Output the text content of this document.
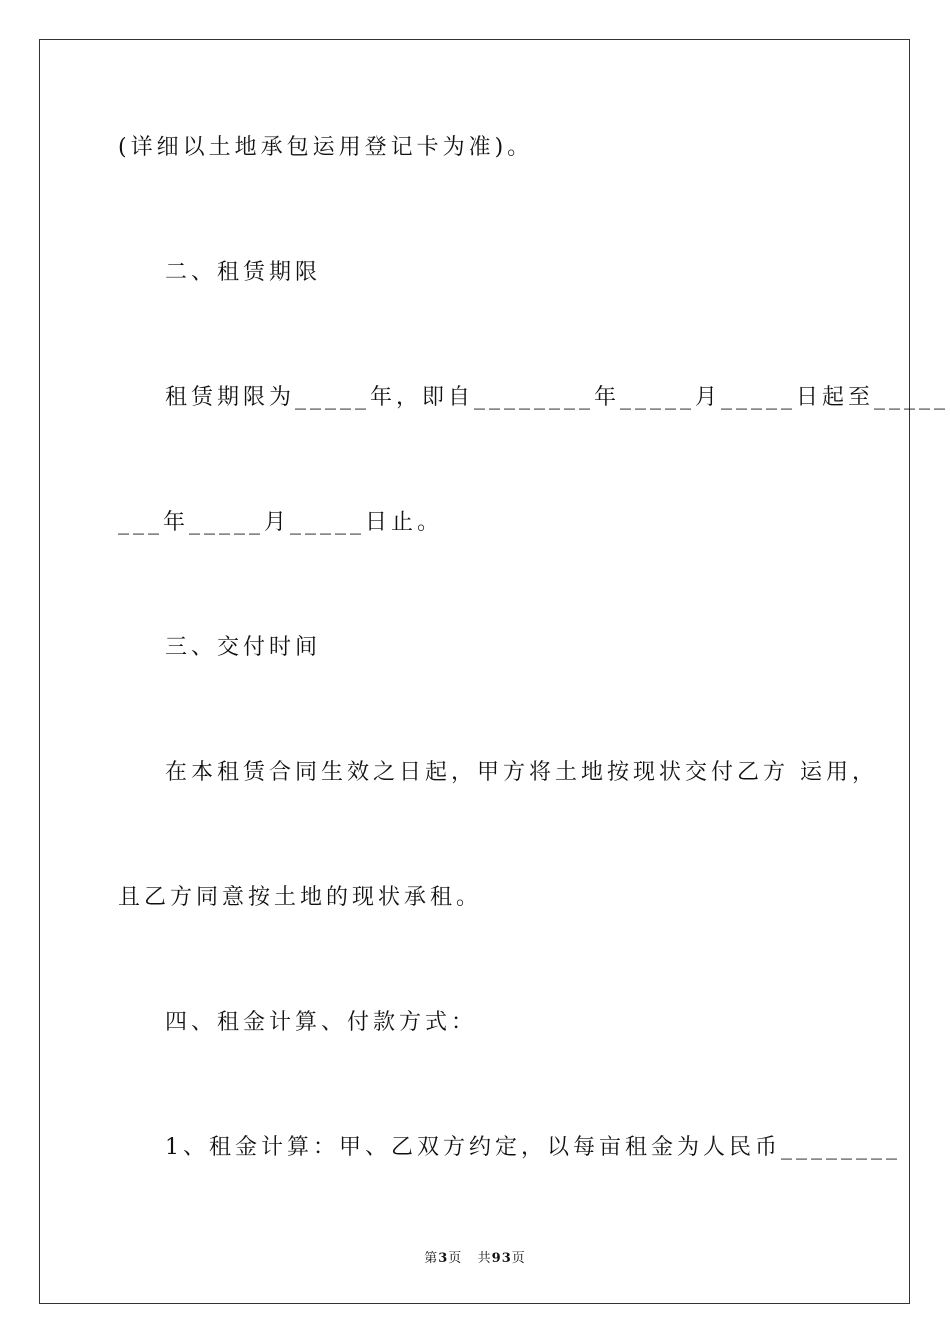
(详细以土地承包运用登记卡为准)。
二、租赁期限
租赁期限为_____年，即自________年_____月_____日起至_____
___年_____月_____日止。
三、交付时间
在本租赁合同生效之日起，甲方将土地按现状交付乙方 运用，
且乙方同意按土地的现状承租。
四、租金计算、付款方式：
1、租金计算：甲、乙双方约定，以每亩租金为人民币________
第3页   共93页
